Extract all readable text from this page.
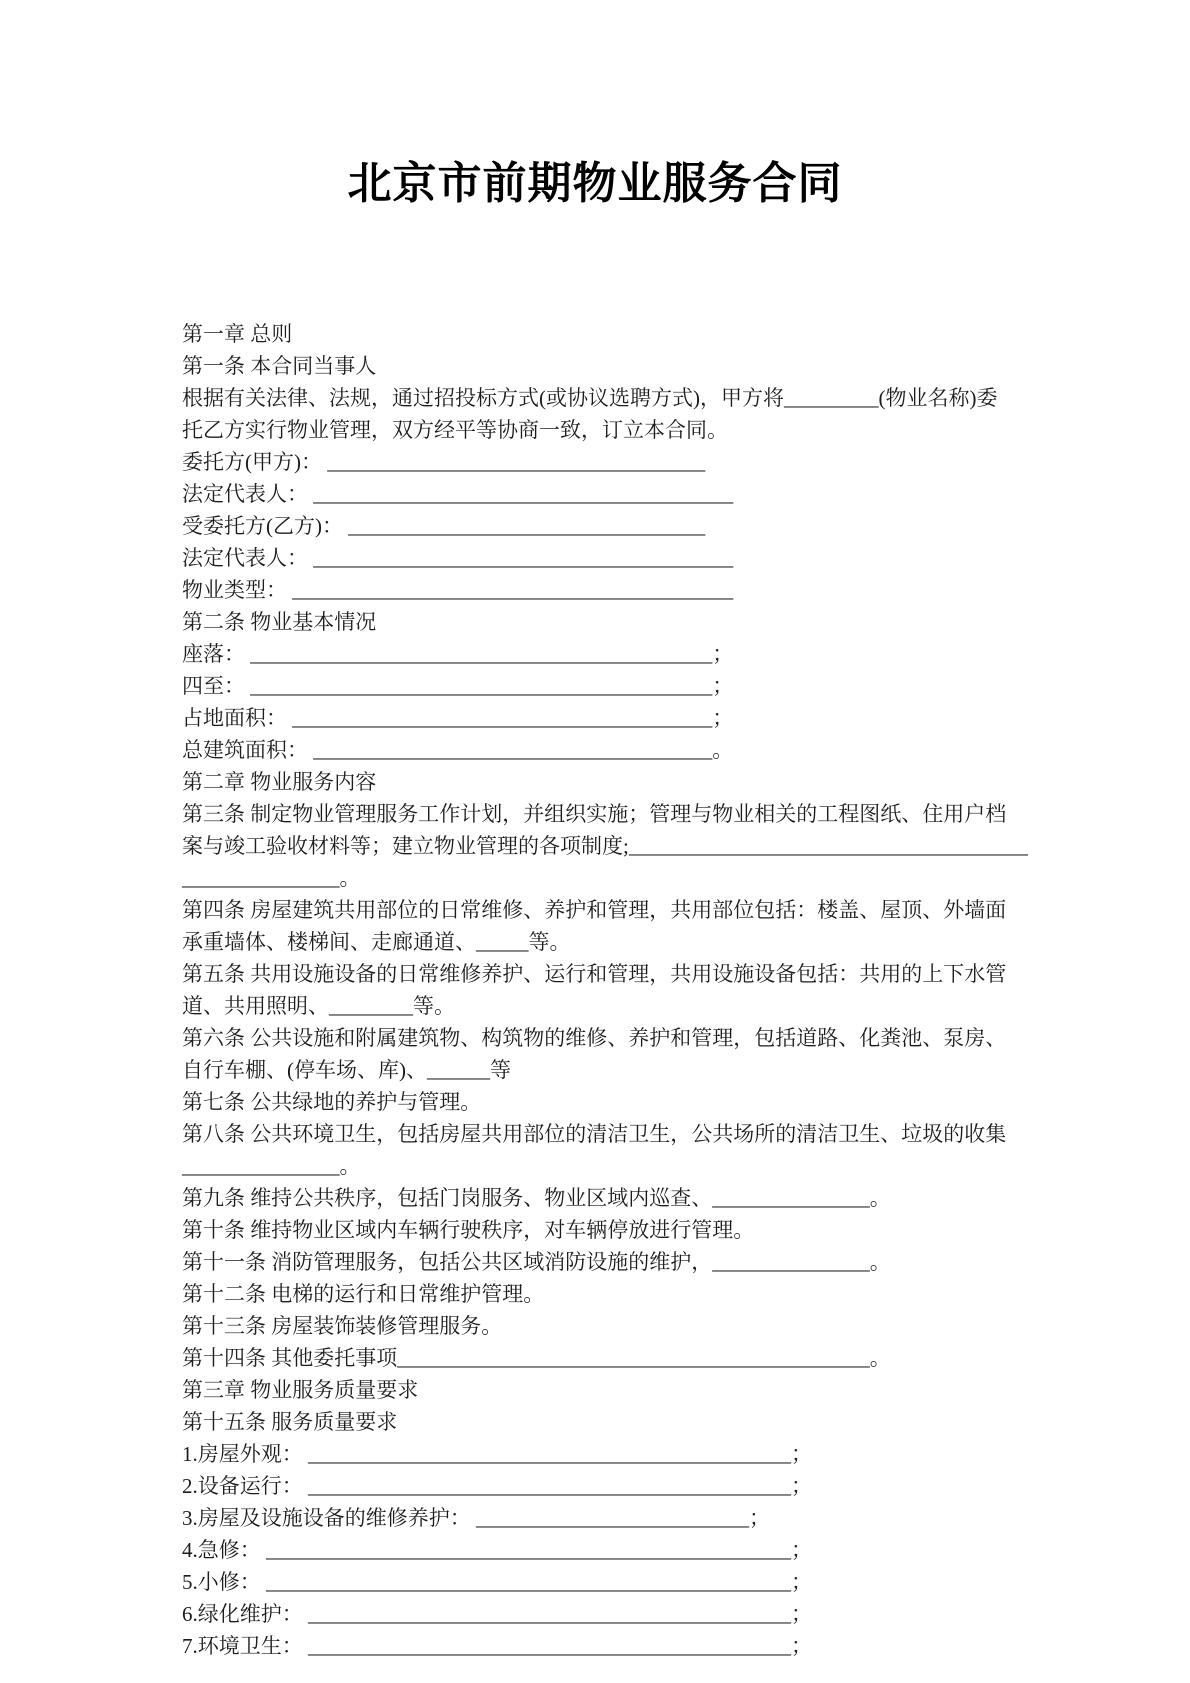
北京市前期物业服务合同

第一章 总则
第一条 本合同当事人
根据有关法律、法规，通过招投标方式(或协议选聘方式)，甲方将_________(物业名称)委
托乙方实行物业管理，双方经平等协商一致，订立本合同。
委托方(甲方)： ____________________________________
法定代表人： ________________________________________
受委托方(乙方)： __________________________________
法定代表人： ________________________________________
物业类型： __________________________________________
第二条 物业基本情况
座落： ____________________________________________；
四至： ____________________________________________；
占地面积： ________________________________________；
总建筑面积： ______________________________________。
第二章 物业服务内容
第三条 制定物业管理服务工作计划，并组织实施；管理与物业相关的工程图纸、住用户档
案与竣工验收材料等；建立物业管理的各项制度;______________________________________
_______________。
第四条 房屋建筑共用部位的日常维修、养护和管理，共用部位包括：楼盖、屋顶、外墙面
承重墙体、楼梯间、走廊通道、_____等。
第五条 共用设施设备的日常维修养护、运行和管理，共用设施设备包括：共用的上下水管
道、共用照明、________等。
第六条 公共设施和附属建筑物、构筑物的维修、养护和管理，包括道路、化粪池、泵房、
自行车棚、(停车场、库)、______等
第七条 公共绿地的养护与管理。
第八条 公共环境卫生，包括房屋共用部位的清洁卫生，公共场所的清洁卫生、垃圾的收集
_______________。
第九条 维持公共秩序，包括门岗服务、物业区域内巡查、_______________。
第十条 维持物业区域内车辆行驶秩序，对车辆停放进行管理。
第十一条 消防管理服务，包括公共区域消防设施的维护，_______________。
第十二条 电梯的运行和日常维护管理。
第十三条 房屋装饰装修管理服务。
第十四条 其他委托事项_____________________________________________。
第三章 物业服务质量要求
第十五条 服务质量要求
1.房屋外观： ______________________________________________；
2.设备运行： ______________________________________________；
3.房屋及设施设备的维修养护： __________________________；
4.急修： __________________________________________________；
5.小修： __________________________________________________；
6.绿化维护： ______________________________________________；
7.环境卫生： ______________________________________________；
